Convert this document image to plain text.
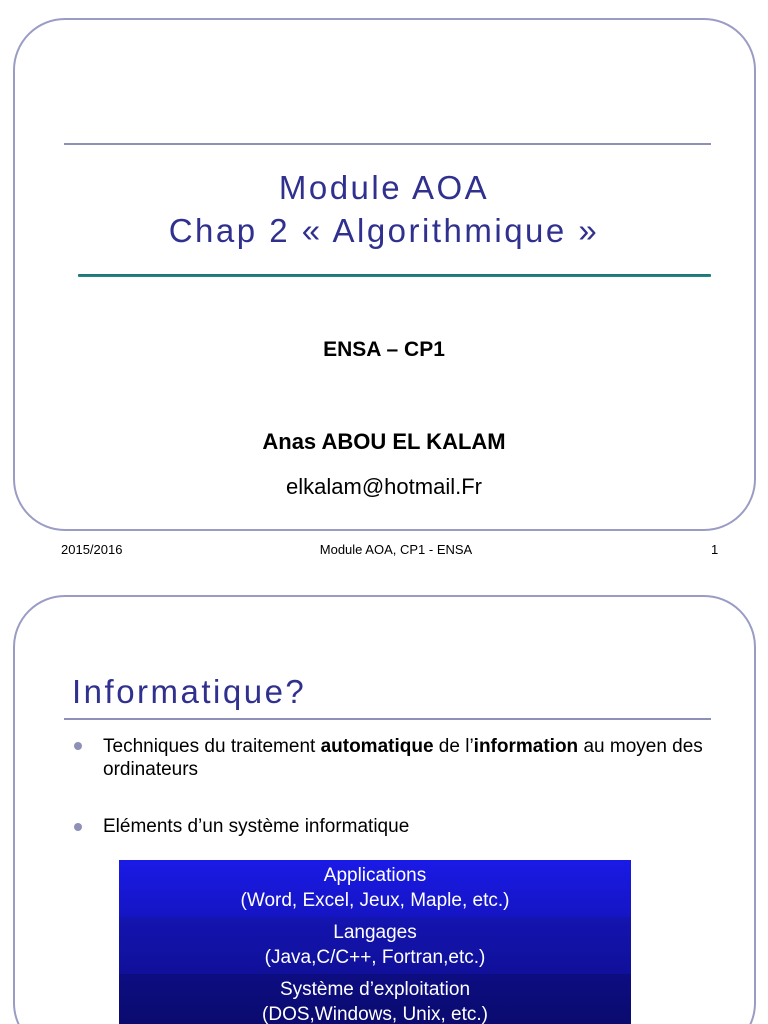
Module AOA
Chap 2 « Algorithmique »
ENSA – CP1
Anas ABOU EL KALAM
elkalam@hotmail.Fr
2015/2016	Module AOA, CP1 - ENSA	1
Informatique?
Techniques du traitement automatique de l’information au moyen des ordinateurs
Eléments d’un système informatique
Applications
(Word, Excel, Jeux, Maple, etc.)
Langages
(Java,C/C++, Fortran,etc.)
Système d’exploitation
(DOS,Windows, Unix, etc.)
